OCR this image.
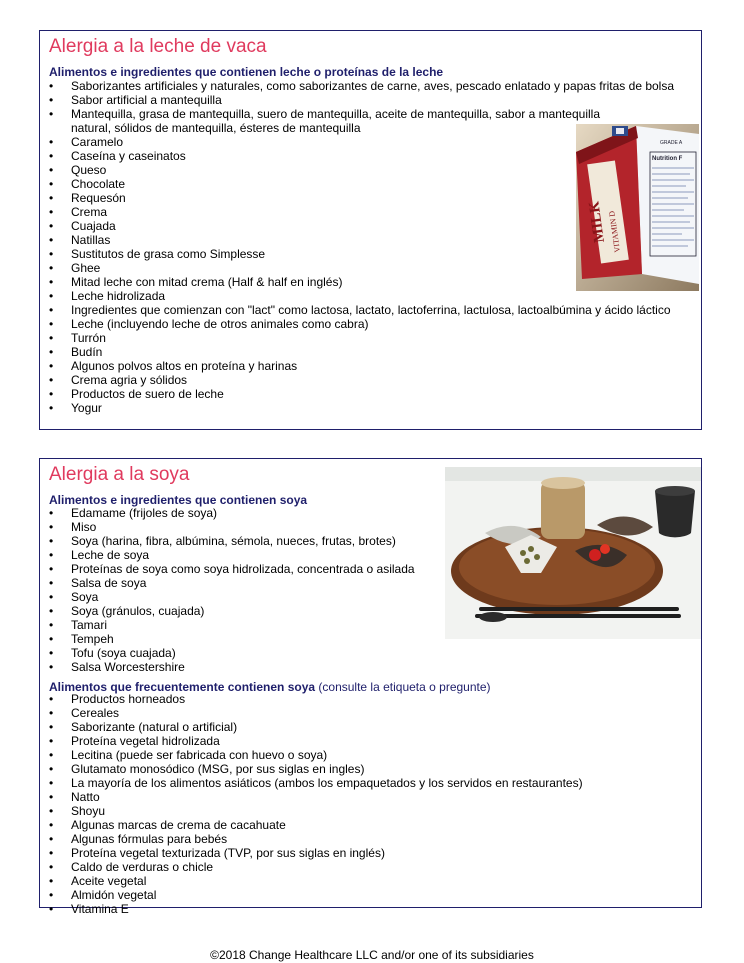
Alergia a la leche de vaca

Alimentos e ingredientes que contienen leche o proteínas de la leche

• Saborizantes artificiales y naturales, como saborizantes de carne, aves, pescado enlatado y papas fritas de bolsa
• Sabor artificial a mantequilla
• Mantequilla, grasa de mantequilla, suero de mantequilla, aceite de mantequilla, sabor a mantequilla natural, sólidos de mantequilla, ésteres de mantequilla
• Caramelo
• Caseína y caseinatos
• Queso
• Chocolate
• Requesón
• Crema
• Cuajada
• Natillas
• Sustitutos de grasa como Simplesse
• Ghee
• Mitad leche con mitad crema (Half & half en inglés)
• Leche hidrolizada
• Ingredientes que comienzan con "lact" como lactosa, lactato, lactoferrina, lactulosa, lactoalbúmina y ácido láctico
• Leche (incluyendo leche de otros animales como cabra)
• Turrón
• Budín
• Algunos polvos altos en proteína y harinas
• Crema agria y sólidos
• Productos de suero de leche
• Yogur
MILK VITAMIN D
GRADE A
Nutrition F
Alergia a la soya

Alimentos e ingredientes que contienen soya

• Edamame (frijoles de soya)
• Miso
• Soya (harina, fibra, albúmina, sémola, nueces, frutas, brotes)
• Leche de soya
• Proteínas de soya como soya hidrolizada, concentrada o asilada
• Salsa de soya
• Soya
• Soya (gránulos, cuajada)
• Tamari
• Tempeh
• Tofu (soya cuajada)
• Salsa Worcestershire

Alimentos que frecuentemente contienen soya (consulte la etiqueta o pregunte)

• Productos horneados
• Cereales
• Saborizante (natural o artificial)
• Proteína vegetal hidrolizada
• Lecitina (puede ser fabricada con huevo o soya)
• Glutamato monosódico (MSG, por sus siglas en ingles)
• La mayoría de los alimentos asiáticos (ambos los empaquetados y los servidos en restaurantes)
• Natto
• Shoyu
• Algunas marcas de crema de cacahuate
• Algunas fórmulas para bebés
• Proteína vegetal texturizada (TVP, por sus siglas en inglés)
• Caldo de verduras o chicle
• Aceite vegetal
• Almidón vegetal
• Vitamina E
©2018 Change Healthcare LLC and/or one of its subsidiaries
